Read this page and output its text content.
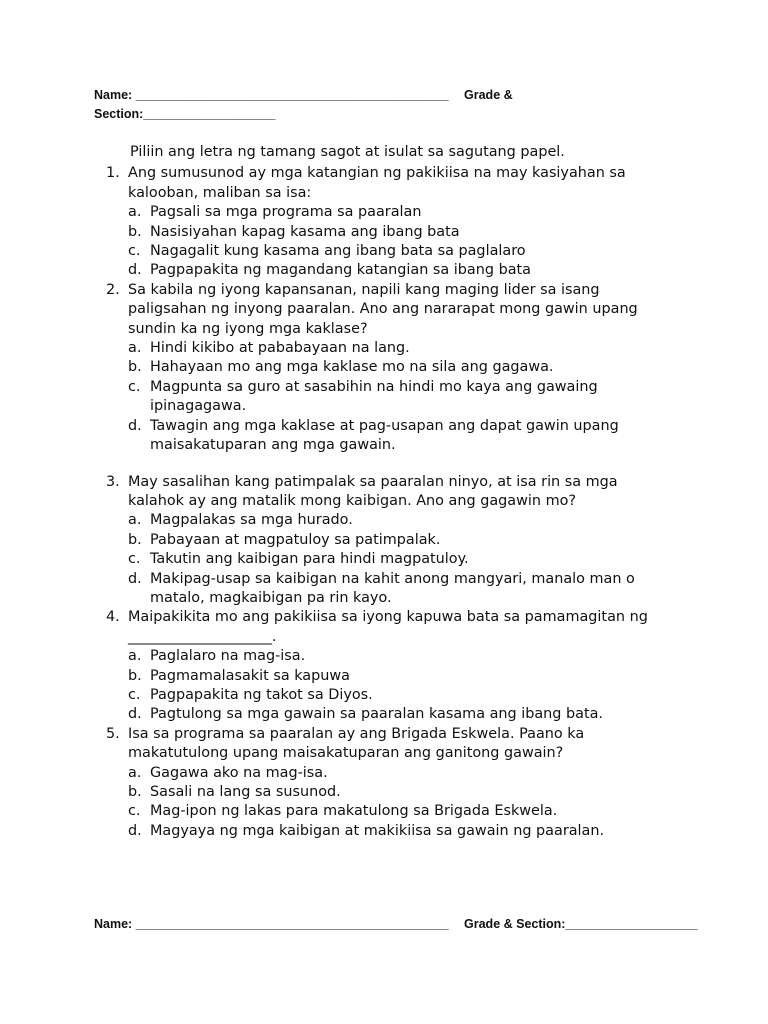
Name: _____________________________________________ Grade &
Section:___________________

Piliin ang letra ng tamang sagot at isulat sa sagutang papel.

1. Ang sumusunod ay mga katangian ng pakikiisa na may kasiyahan sa kalooban, maliban sa isa:

a. Pagsali sa mga programa sa paaralan
b. Nasisiyahan kapag kasama ang ibang bata
c. Nagagalit kung kasama ang ibang bata sa paglalaro
d. Pagpapakita ng magandang katangian sa ibang bata
2. Sa kabila ng iyong kapansanan, napili kang maging lider sa isang paligsahan ng inyong paaralan. Ano ang nararapat mong gawin upang sundin ka ng iyong mga kaklase?

a. Hindi kikibo at pababayaan na lang.
b. Hahayaan mo ang mga kaklase mo na sila ang gagawa.
c. Magpunta sa guro at sasabihin na hindi mo kaya ang gawaing ipinagagawa.
d. Tawagin ang mga kaklase at pag-usapan ang dapat gawin upang maisakatuparan ang mga gawain.
3. May sasalihan kang patimpalak sa paaralan ninyo, at isa rin sa mga kalahok ay ang matalik mong kaibigan. Ano ang gagawin mo?

a. Magpalakas sa mga hurado.
b. Pabayaan at magpatuloy sa patimpalak.
c. Takutin ang kaibigan para hindi magpatuloy.
d. Makipag-usap sa kaibigan na kahit anong mangyari, manalo man o matalo, magkaibigan pa rin kayo.
4. Maipakikita mo ang pakikiisa sa iyong kapuwa bata sa pamamagitan ng ____________________.

a. Paglalaro na mag-isa.
b. Pagmamalasakit sa kapuwa
c. Pagpapakita ng takot sa Diyos.
d. Pagtulong sa mga gawain sa paaralan kasama ang ibang bata.
5. Isa sa programa sa paaralan ay ang Brigada Eskwela. Paano ka makatutulong upang maisakatuparan ang ganitong gawain?

a. Gagawa ako na mag-isa.
b. Sasali na lang sa susunod.
c. Mag-ipon ng lakas para makatulong sa Brigada Eskwela.
d. Magyaya ng mga kaibigan at makikiisa sa gawain ng paaralan.
Name: _____________________________________________ Grade & Section:___________________
